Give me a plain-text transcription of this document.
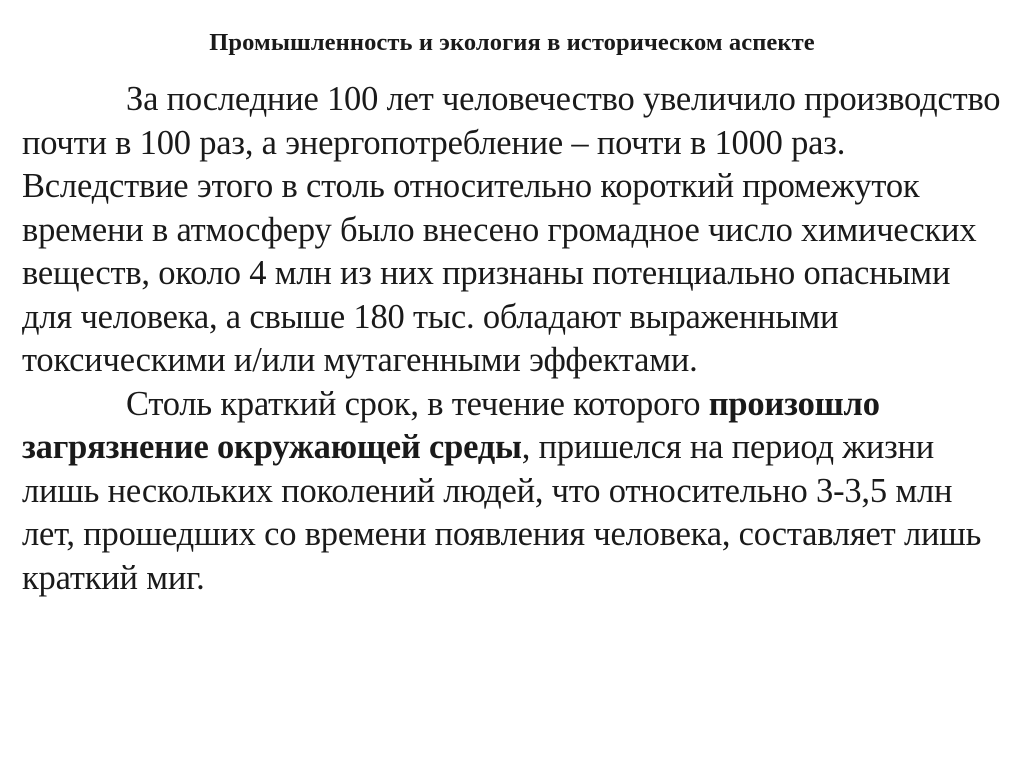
Промышленность и экология в историческом аспекте

За последние 100 лет человечество увеличило производство почти в 100 раз, а энергопотребление – почти в 1000 раз. Вследствие этого в столь относительно короткий промежуток времени в атмосферу было внесено громадное число химических веществ, около 4 млн из них признаны потенциально опасными для человека, а свыше 180 тыс. обладают выраженными токсическими и/или мутагенными эффектами.

Столь краткий срок, в течение которого произошло загрязнение окружающей среды, пришелся на период жизни лишь нескольких поколений людей, что относительно 3-3,5 млн лет, прошедших со времени появления человека, составляет лишь краткий миг.
